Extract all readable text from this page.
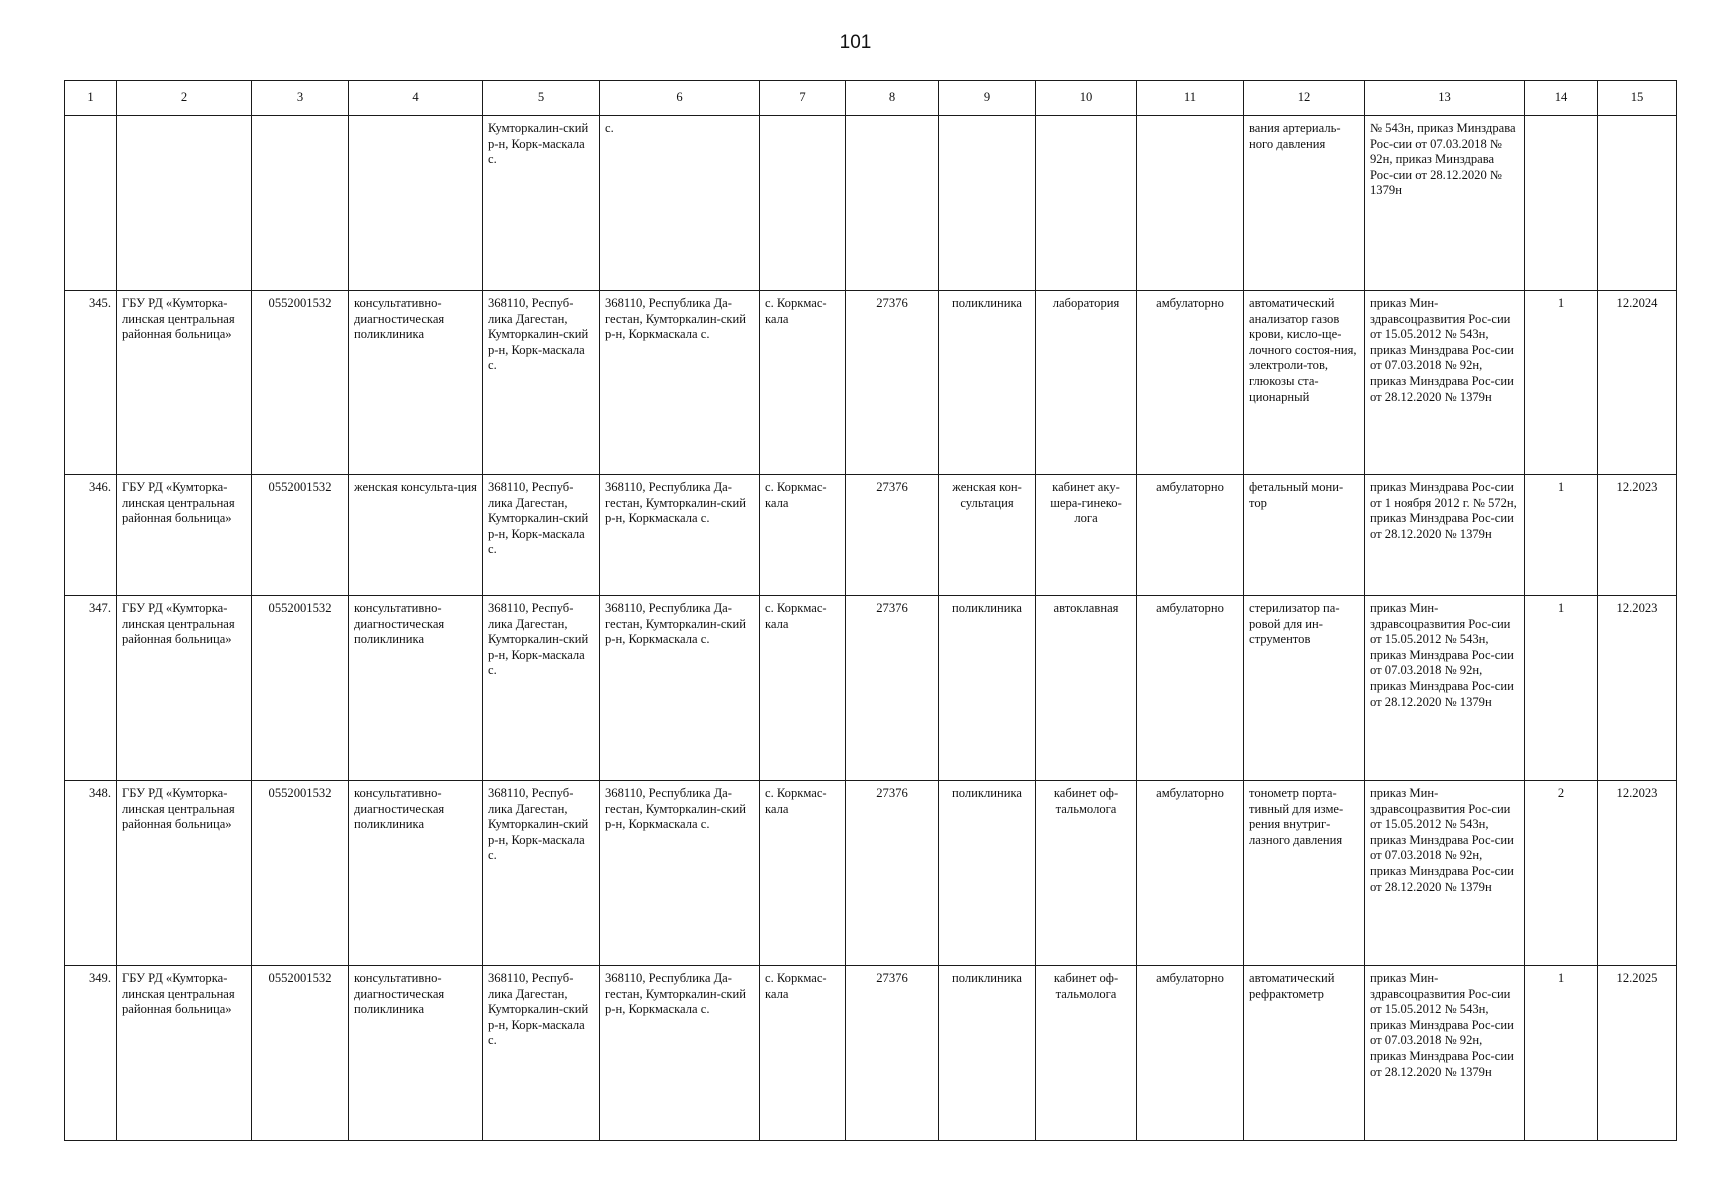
101
1	2	3	4	5	6	7	8	9	10	11	12	13	14	15
				Кумторкалин-ский р-н, Корк-маскала с.	с.						вания артериаль-ного давления	№ 543н, приказ Минздрава Рос-сии от 07.03.2018 № 92н, приказ Минздрава Рос-сии от 28.12.2020 № 1379н		
345.	ГБУ РД «Кумторка-линская центральная районная больница»	0552001532	консультативно-диагностическая поликлиника	368110, Респуб-лика Дагестан, Кумторкалин-ский р-н, Корк-маскала с.	368110, Республика Да-гестан, Кумторкалин-ский р-н, Коркмаскала с.	с. Коркмас-кала	27376	поликлиника	лаборатория	амбулаторно	автоматический анализатор газов крови, кисло-ще-лочного состоя-ния, электроли-тов, глюкозы ста-ционарный	приказ Мин-здравсоцразвития Рос-сии от 15.05.2012 № 543н, приказ Минздрава Рос-сии от 07.03.2018 № 92н, приказ Минздрава Рос-сии от 28.12.2020 № 1379н	1	12.2024
346.	ГБУ РД «Кумторка-линская центральная районная больница»	0552001532	женская консульта-ция	368110, Респуб-лика Дагестан, Кумторкалин-ский р-н, Корк-маскала с.	368110, Республика Да-гестан, Кумторкалин-ский р-н, Коркмаскала с.	с. Коркмас-кала	27376	женская кон-сультация	кабинет аку-шера-гинеко-лога	амбулаторно	фетальный мони-тор	приказ Минздрава Рос-сии от 1 ноября 2012 г. № 572н, приказ Минздрава Рос-сии от 28.12.2020 № 1379н	1	12.2023
347.	ГБУ РД «Кумторка-линская центральная районная больница»	0552001532	консультативно-диагностическая поликлиника	368110, Респуб-лика Дагестан, Кумторкалин-ский р-н, Корк-маскала с.	368110, Республика Да-гестан, Кумторкалин-ский р-н, Коркмаскала с.	с. Коркмас-кала	27376	поликлиника	автоклавная	амбулаторно	стерилизатор па-ровой для ин-струментов	приказ Мин-здравсоцразвития Рос-сии от 15.05.2012 № 543н, приказ Минздрава Рос-сии от 07.03.2018 № 92н, приказ Минздрава Рос-сии от 28.12.2020 № 1379н	1	12.2023
348.	ГБУ РД «Кумторка-линская центральная районная больница»	0552001532	консультативно-диагностическая поликлиника	368110, Респуб-лика Дагестан, Кумторкалин-ский р-н, Корк-маскала с.	368110, Республика Да-гестан, Кумторкалин-ский р-н, Коркмаскала с.	с. Коркмас-кала	27376	поликлиника	кабинет оф-тальмолога	амбулаторно	тонометр порта-тивный для изме-рения внутриг-лазного давления	приказ Мин-здравсоцразвития Рос-сии от 15.05.2012 № 543н, приказ Минздрава Рос-сии от 07.03.2018 № 92н, приказ Минздрава Рос-сии от 28.12.2020 № 1379н	2	12.2023
349.	ГБУ РД «Кумторка-линская центральная районная больница»	0552001532	консультативно-диагностическая поликлиника	368110, Респуб-лика Дагестан, Кумторкалин-ский р-н, Корк-маскала с.	368110, Республика Да-гестан, Кумторкалин-ский р-н, Коркмаскала с.	с. Коркмас-кала	27376	поликлиника	кабинет оф-тальмолога	амбулаторно	автоматический рефрактометр	приказ Мин-здравсоцразвития Рос-сии от 15.05.2012 № 543н, приказ Минздрава Рос-сии от 07.03.2018 № 92н, приказ Минздрава Рос-сии от 28.12.2020 № 1379н	1	12.2025
